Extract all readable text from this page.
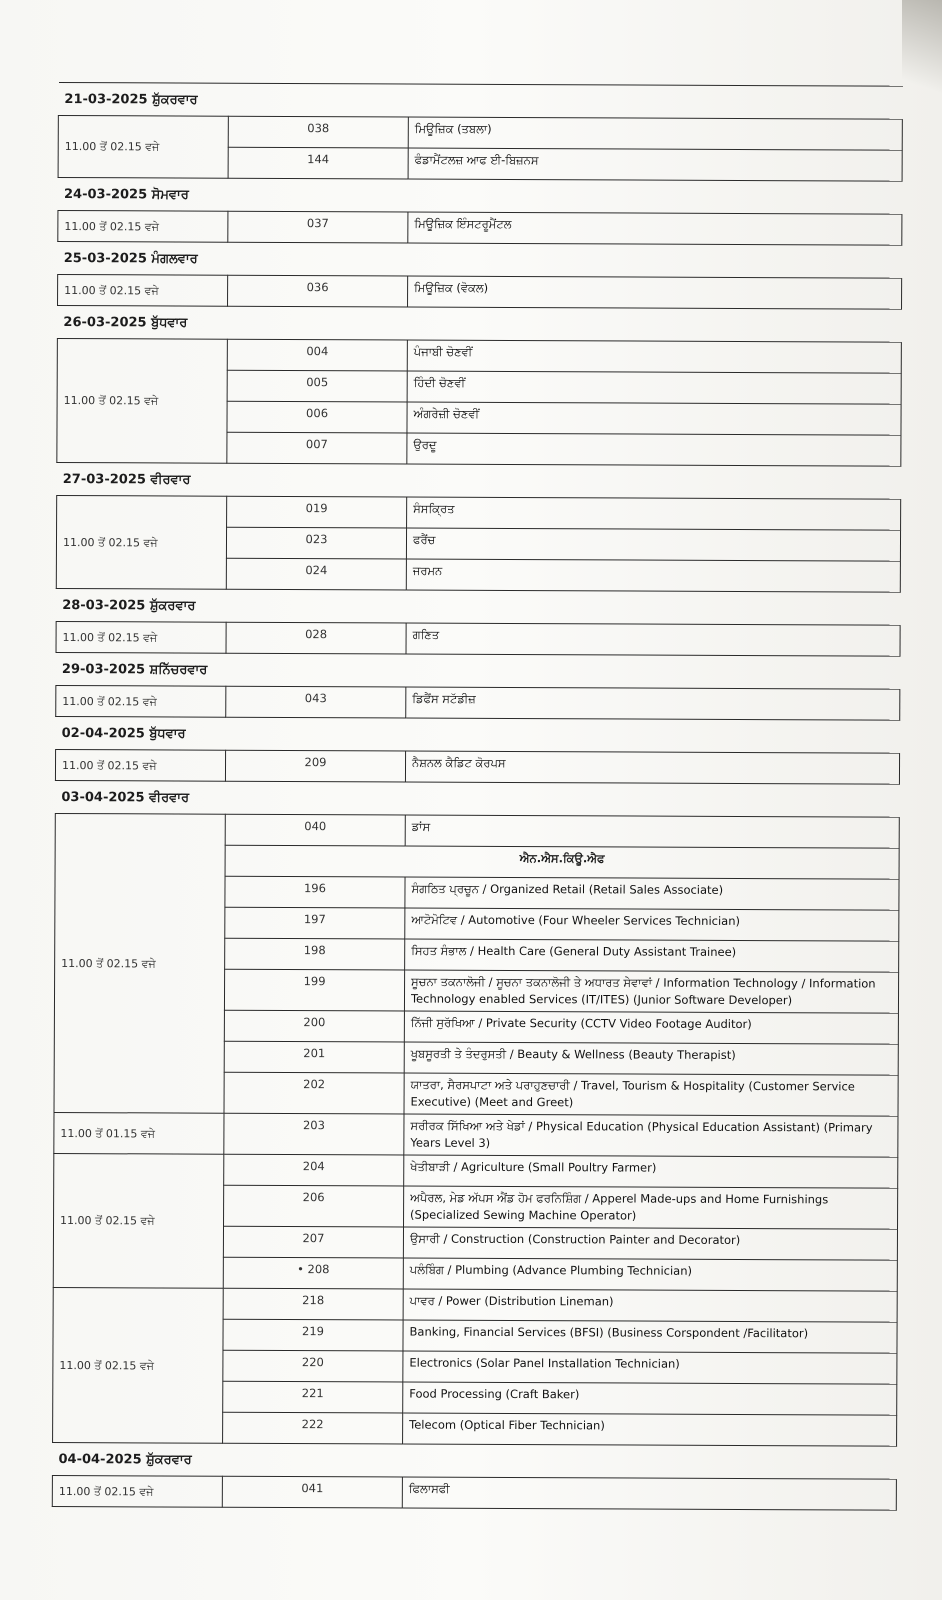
21-03-2025 ਸ਼ੁੱਕਰਵਾਰ		
11.00 ਤੋਂ 02.15 ਵਜੇ	038	ਮਿਊਜ਼ਿਕ (ਤਬਲਾ)
	144	ਫੰਡਾਮੈਂਟਲਜ਼ ਆਫ ਈ-ਬਿਜ਼ਨਸ
24-03-2025 ਸੋਮਵਾਰ		
11.00 ਤੋਂ 02.15 ਵਜੇ	037	ਮਿਊਜ਼ਿਕ ਇੰਸਟਰੂਮੈਂਟਲ
25-03-2025 ਮੰਗਲਵਾਰ		
11.00 ਤੋਂ 02.15 ਵਜੇ	036	ਮਿਊਜ਼ਿਕ (ਵੋਕਲ)
26-03-2025 ਬੁੱਧਵਾਰ		
11.00 ਤੋਂ 02.15 ਵਜੇ	004	ਪੰਜਾਬੀ ਚੋਣਵੀਂ
	005	ਹਿੰਦੀ ਚੋਣਵੀਂ
	006	ਅੰਗਰੇਜ਼ੀ ਚੋਣਵੀਂ
	007	ਉਰਦੂ
27-03-2025 ਵੀਰਵਾਰ		
11.00 ਤੋਂ 02.15 ਵਜੇ	019	ਸੰਸਕ੍ਰਿਤ
	023	ਫਰੈਂਚ
	024	ਜਰਮਨ
28-03-2025 ਸ਼ੁੱਕਰਵਾਰ		
11.00 ਤੋਂ 02.15 ਵਜੇ	028	ਗਣਿਤ
29-03-2025 ਸ਼ਨਿੱਚਰਵਾਰ		
11.00 ਤੋਂ 02.15 ਵਜੇ	043	ਡਿਫੈਂਸ ਸਟੱਡੀਜ਼
02-04-2025 ਬੁੱਧਵਾਰ		
11.00 ਤੋਂ 02.15 ਵਜੇ	209	ਨੈਸ਼ਨਲ ਕੈਡਿਟ ਕੋਰਪਸ
03-04-2025 ਵੀਰਵਾਰ		
11.00 ਤੋਂ 02.15 ਵਜੇ	040	ਡਾਂਸ
	ਐਨ.ਐਸ.ਕਿਊ.ਐਫ	
	196	ਸੰਗਠਿਤ ਪ੍ਰਚੂਨ / Organized Retail (Retail Sales Associate)
	197	ਆਟੋਮੋਟਿਵ / Automotive (Four Wheeler Services Technician)
	198	ਸਿਹਤ ਸੰਭਾਲ / Health Care (General Duty Assistant Trainee)
	199	ਸੂਚਨਾ ਤਕਨਾਲੋਜੀ / ਸੂਚਨਾ ਤਕਨਾਲੋਜੀ ਤੇ ਅਧਾਰਤ ਸੇਵਾਵਾਂ / Information Technology / Information Technology enabled Services (IT/ITES) (Junior Software Developer)
	200	ਨਿੱਜੀ ਸੁਰੱਖਿਆ / Private Security (CCTV Video Footage Auditor)
	201	ਖੂਬਸੂਰਤੀ ਤੇ ਤੰਦਰੁਸਤੀ / Beauty & Wellness (Beauty Therapist)
	202	ਯਾਤਰਾ, ਸੈਰਸਪਾਟਾ ਅਤੇ ਪਰਾਹੁਣਚਾਰੀ / Travel, Tourism & Hospitality (Customer Service Executive) (Meet and Greet)
11.00 ਤੋਂ 01.15 ਵਜੇ	203	ਸਰੀਰਕ ਸਿੱਖਿਆ ਅਤੇ ਖੇਡਾਂ / Physical Education (Physical Education Assistant) (Primary Years Level 3)
11.00 ਤੋਂ 02.15 ਵਜੇ	204	ਖੇਤੀਬਾੜੀ / Agriculture (Small Poultry Farmer)
	206	ਅਪੈਰਲ, ਮੇਡ ਅੱਪਸ ਐਂਡ ਹੋਮ ਫਰਨਿਸ਼ਿੰਗ / Apperel Made-ups and Home Furnishings (Specialized Sewing Machine Operator)
	207	ਉਸਾਰੀ / Construction (Construction Painter and Decorator)
	• 208	ਪਲੰਬਿੰਗ / Plumbing (Advance Plumbing Technician)
11.00 ਤੋਂ 02.15 ਵਜੇ	218	ਪਾਵਰ / Power (Distribution Lineman)
	219	Banking, Financial Services (BFSI) (Business Corspondent /Facilitator)
	220	Electronics (Solar Panel Installation Technician)
	221	Food Processing (Craft Baker)
	222	Telecom (Optical Fiber Technician)
04-04-2025 ਸ਼ੁੱਕਰਵਾਰ		
11.00 ਤੋਂ 02.15 ਵਜੇ	041	ਫਿਲਾਸਫੀ
